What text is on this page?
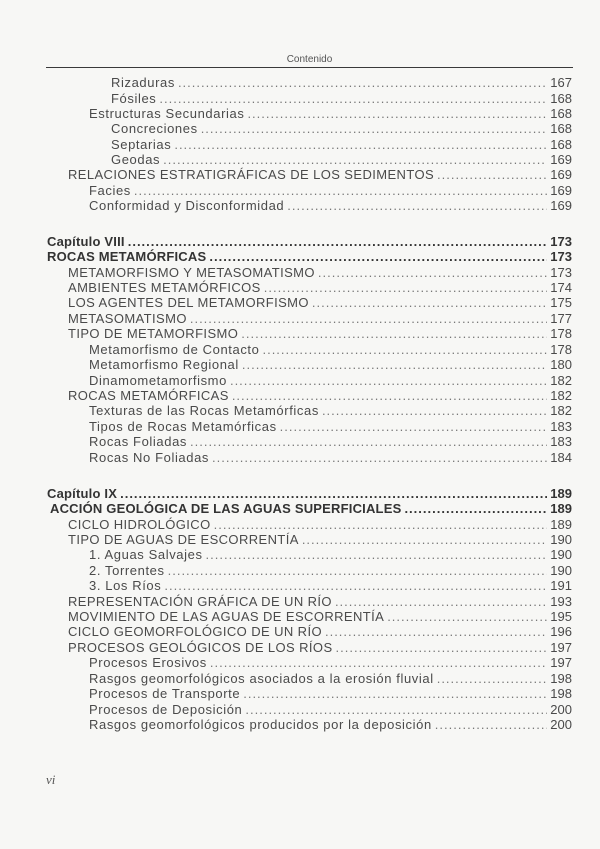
Contenido
Rizaduras .....	167
Fósiles .....	168
Estructuras Secundarias .....	168
Concreciones .....	168
Septarias .....	168
Geodas .....	169
RELACIONES ESTRATIGRÁFICAS DE LOS SEDIMENTOS .....	169
Facies .....	169
Conformidad y Disconformidad .....	169
Capítulo VIII .....	173
ROCAS METAMÓRFICAS .....	173
METAMORFISMO Y METASOMATISMO .....	173
AMBIENTES METAMÓRFICOS .....	174
LOS AGENTES DEL METAMORFISMO .....	175
METASOMATISMO .....	177
TIPO DE METAMORFISMO .....	178
Metamorfismo de Contacto .....	178
Metamorfismo Regional .....	180
Dinamometamorfismo .....	182
ROCAS METAMÓRFICAS .....	182
Texturas de las Rocas Metamórficas .....	182
Tipos de Rocas Metamórficas .....	183
Rocas Foliadas .....	183
Rocas No Foliadas .....	184
Capítulo IX .....	189
ACCIÓN GEOLÓGICA DE LAS AGUAS SUPERFICIALES .....	189
CICLO HIDROLÓGICO .....	189
TIPO DE AGUAS DE ESCORRENTÍA .....	190
1. Aguas Salvajes .....	190
2. Torrentes .....	190
3. Los Ríos .....	191
REPRESENTACIÓN GRÁFICA DE UN RÍO .....	193
MOVIMIENTO DE LAS AGUAS DE ESCORRENTÍA .....	195
CICLO GEOMORFOLÓGICO DE UN RÍO .....	196
PROCESOS GEOLÓGICOS DE LOS RÍOS .....	197
Procesos Erosivos .....	197
Rasgos geomorfológicos asociados a la erosión fluvial .....	198
Procesos de Transporte .....	198
Procesos de Deposición .....	200
Rasgos geomorfológicos producidos por la deposición .....	200
vi
